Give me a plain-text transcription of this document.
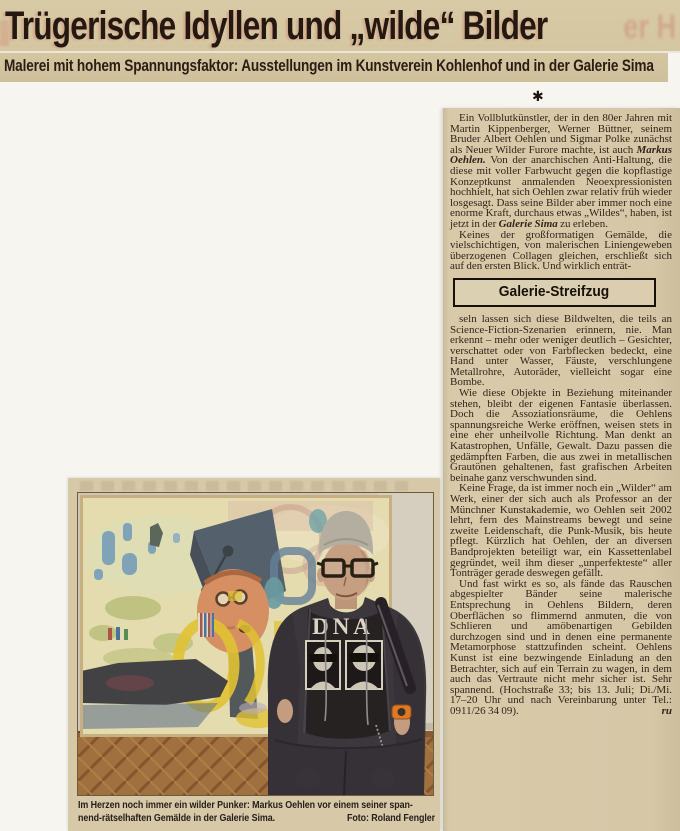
Trügerische Idyllen und „wilde“ Bilder er H
Malerei mit hohem Spannungsfaktor: Ausstellungen im Kunstverein Kohlenhof und in der Galerie Sima
✱

Ein Vollblutkünstler, der in den 80er Jahren mit Martin Kippenberger, Werner Büttner, seinem Bruder Albert Oehlen und Sigmar Polke zunächst als Neuer Wilder Furore machte, ist auch Markus Oehlen. Von der anarchischen Anti-Haltung, die diese mit voller Farbwucht gegen die kopflastige Konzeptkunst anmalenden Neoexpressionisten hochhielt, hat sich Oehlen zwar relativ früh wieder losgesagt. Dass seine Bilder aber immer noch eine enorme Kraft, durchaus etwas „Wildes“, haben, ist jetzt in der Galerie Sima zu erleben.

Keines der großformatigen Gemälde, die vielschichtigen, von malerischen Liniengeweben überzogenen Collagen gleichen, erschließt sich auf den ersten Blick. Und wirklich enträt-

Galerie-Streifzug

seln lassen sich diese Bildwelten, die teils an Science-Fiction-Szenarien erinnern, nie. Man erkennt – mehr oder weniger deutlich – Gesichter, verschattet oder von Farbflecken bedeckt, eine Hand unter Wasser, Fäuste, verschlungene Metallrohre, Autoräder, vielleicht sogar eine Bombe.

Wie diese Objekte in Beziehung miteinander stehen, bleibt der eigenen Fantasie überlassen. Doch die Assoziationsräume, die Oehlens spannungsreiche Werke eröffnen, weisen stets in eine eher unheilvolle Richtung. Man denkt an Katastrophen, Unfälle, Gewalt. Dazu passen die gedämpften Farben, die aus zwei in metallischen Grautönen gehaltenen, fast grafischen Arbeiten beinahe ganz verschwunden sind.

Keine Frage, da ist immer noch ein „Wilder“ am Werk, einer der sich auch als Professor an der Münchner Kunstakademie, wo Oehlen seit 2002 lehrt, fern des Mainstreams bewegt und seine zweite Leidenschaft, die Punk-Musik, bis heute pflegt. Kürzlich hat Oehlen, der an diversen Bandprojekten beteiligt war, ein Kassettenlabel gegründet, weil ihm dieser „unperfekteste“ aller Tonträger gerade deswegen gefällt.

Und fast wirkt es so, als fände das Rauschen abgespielter Bänder seine malerische Entsprechung in Oehlens Bildern, deren Oberflächen so flimmernd anmuten, die von Schlieren und amöbenartigen Gebilden durchzogen sind und in denen eine permanente Metamorphose stattzufinden scheint. Oehlens Kunst ist eine bezwingende Einladung an den Betrachter, sich auf ein Terrain zu wagen, in dem auch das Vertraute nicht mehr sicher ist. Sehr spannend. (Hochstraße 33; bis 13. Juli; Di./Mi. 17–20 Uhr und nach Vereinbarung unter Tel.: 0911/26 34 09).	ru

DNA
Im Herzen noch immer ein wilder Punker: Markus Oehlen vor einem seiner span-
nend-rätselhaften Gemälde in der Galerie Sima.	Foto: Roland Fengler
